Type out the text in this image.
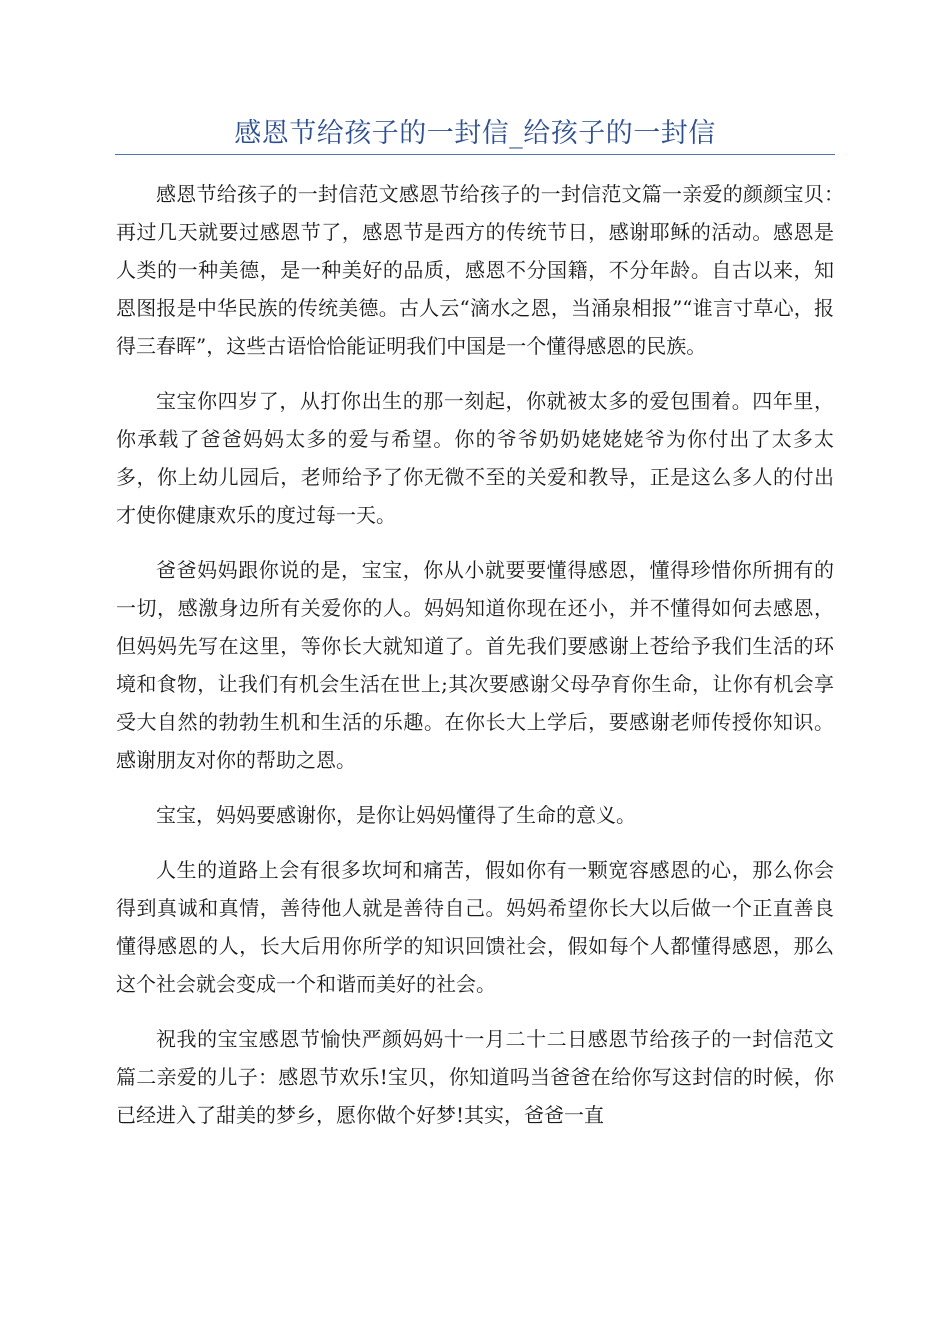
感恩节给孩子的一封信_给孩子的一封信

感恩节给孩子的一封信范文感恩节给孩子的一封信范文篇一亲爱的颜颜宝贝：　再过几天就要过感恩节了，感恩节是西方的传统节日，感谢耶稣的活动。感恩是人类的一种美德，是一种美好的品质，感恩不分国籍，不分年龄。自古以来，知恩图报是中华民族的传统美德。古人云“滴水之恩，当涌泉相报”“谁言寸草心，报得三春晖”，这些古语恰恰能证明我们中国是一个懂得感恩的民族。

宝宝你四岁了，从打你出生的那一刻起，你就被太多的爱包围着。四年里，你承载了爸爸妈妈太多的爱与希望。你的爷爷奶奶姥姥姥爷为你付出了太多太多，你上幼儿园后，老师给予了你无微不至的关爱和教导，正是这么多人的付出才使你健康欢乐的度过每一天。

爸爸妈妈跟你说的是，宝宝，你从小就要要懂得感恩，懂得珍惜你所拥有的一切，感激身边所有关爱你的人。妈妈知道你现在还小，并不懂得如何去感恩，但妈妈先写在这里，等你长大就知道了。首先我们要感谢上苍给予我们生活的环境和食物，让我们有机会生活在世上;其次要感谢父母孕育你生命，让你有机会享受大自然的勃勃生机和生活的乐趣。在你长大上学后，要感谢老师传授你知识。感谢朋友对你的帮助之恩。

宝宝，妈妈要感谢你，是你让妈妈懂得了生命的意义。

人生的道路上会有很多坎坷和痛苦，假如你有一颗宽容感恩的心，那么你会得到真诚和真情，善待他人就是善待自己。妈妈希望你长大以后做一个正直善良懂得感恩的人，长大后用你所学的知识回馈社会，假如每个人都懂得感恩，那么这个社会就会变成一个和谐而美好的社会。

祝我的宝宝感恩节愉快严颜妈妈十一月二十二日感恩节给孩子的一封信范文篇二亲爱的儿子：感恩节欢乐!宝贝，你知道吗当爸爸在给你写这封信的时候，你已经进入了甜美的梦乡，愿你做个好梦!其实，爸爸一直
